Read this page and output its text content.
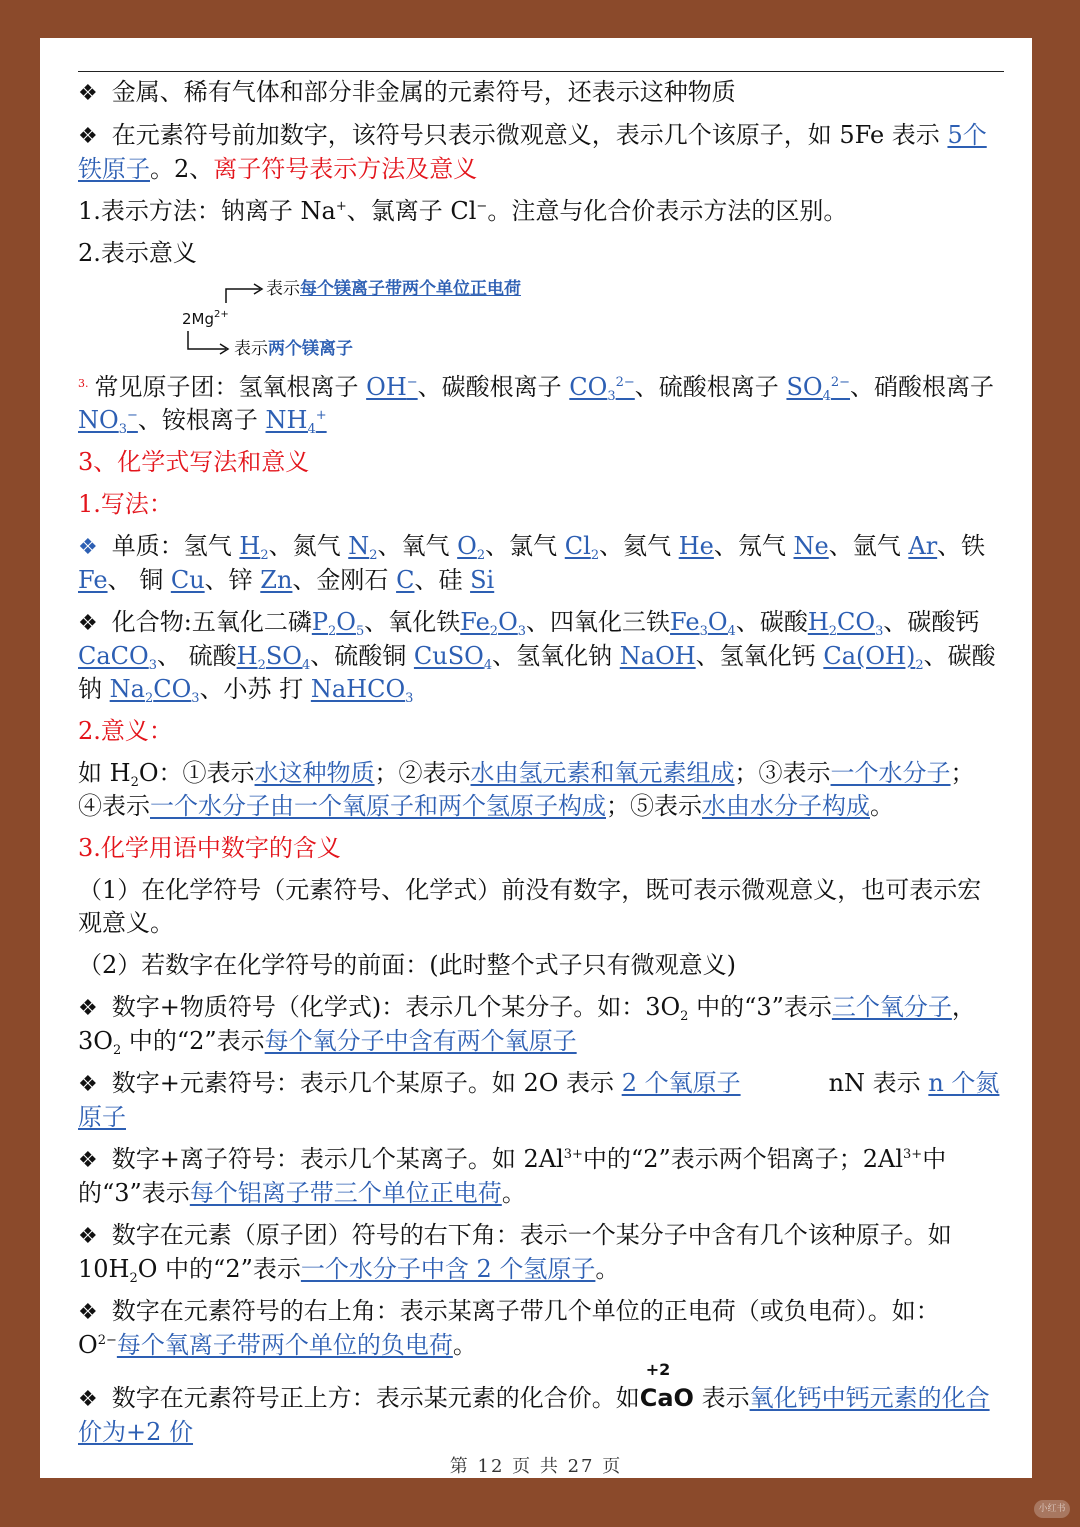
❖ 金属、稀有气体和部分非金属的元素符号，还表示这种物质

❖ 在元素符号前加数字，该符号只表示微观意义，表示几个该原子，如 5Fe 表示 5个铁原子。2、离子符号表示方法及意义

1.表示方法：钠离子 Na+、氯离子 Cl−。注意与化合价表示方法的区别。

2.表示意义

表示每个镁离子带两个单位正电荷
$2Mg^{2+}$
表示两个镁离子

$^{3.}$ 常见原子团：氢氧根离子 OH−、碳酸根离子 $CO_3^{2-}$、硫酸根离子 $SO_4^{2-}$、硝酸根离子 $NO_3^-$、铵根离子 $NH_4^+$

3、化学式写法和意义

1.写法：

❖ 单质：氢气 $H_2$、氮气 $N_2$、氧气 $O_2$、氯气 $Cl_2$、氦气 He、氖气 Ne、氩气 Ar、铁 Fe、 铜 Cu、锌 Zn、金刚石 C、硅 Si

❖ 化合物:五氧化二磷$P_2O_5$、氧化铁$Fe_2O_3$、四氧化三铁$Fe_3O_4$、碳酸$H_2CO_3$、碳酸钙CaCO$_3$、 硫酸$H_2SO_4$、硫酸铜 CuSO$_4$、氢氧化钠 NaOH、氢氧化钙 $Ca(OH)_2$、碳酸钠 $Na_2CO_3$、小苏 打 NaHCO$_3$

2.意义：

如 $H_2O$：①表示水这种物质；②表示水由氢元素和氧元素组成；③表示一个水分子； ④表示一个水分子由一个氧原子和两个氢原子构成；⑤表示水由水分子构成。

3.化学用语中数字的含义

（1）在化学符号（元素符号、化学式）前没有数字，既可表示微观意义，也可表示宏观意义。

（2）若数字在化学符号的前面：(此时整个式子只有微观意义)

❖ 数字+物质符号（化学式)：表示几个某分子。如：$3O_2$ 中的“3”表示三个氧分子， $3O_2$ 中的“2”表示每个氧分子中含有两个氧原子

❖ 数字+元素符号：表示几个某原子。如 2O 表示 2 个氧原子	nN 表示 n 个氮原子

❖ 数字+离子符号：表示几个某离子。如 $2Al^{3+}$中的“2”表示两个铝离子；$2Al^{3+}$中的“3”表示每个铝离子带三个单位正电荷。

❖ 数字在元素（原子团）符号的右下角：表示一个某分子中含有几个该种原子。如 $10H_2O$ 中的“2”表示一个水分子中含 2 个氢原子。

❖ 数字在元素符号的右上角：表示某离子带几个单位的正电荷（或负电荷）。如： $O^{2-}$每个氧离子带两个单位的负电荷。

❖ 数字在元素符号正上方：表示某元素的化合价。如
+2
CaO 表示氧化钙中钙元素的化合价为+2 价

第 12 页 共 27 页
小红书
